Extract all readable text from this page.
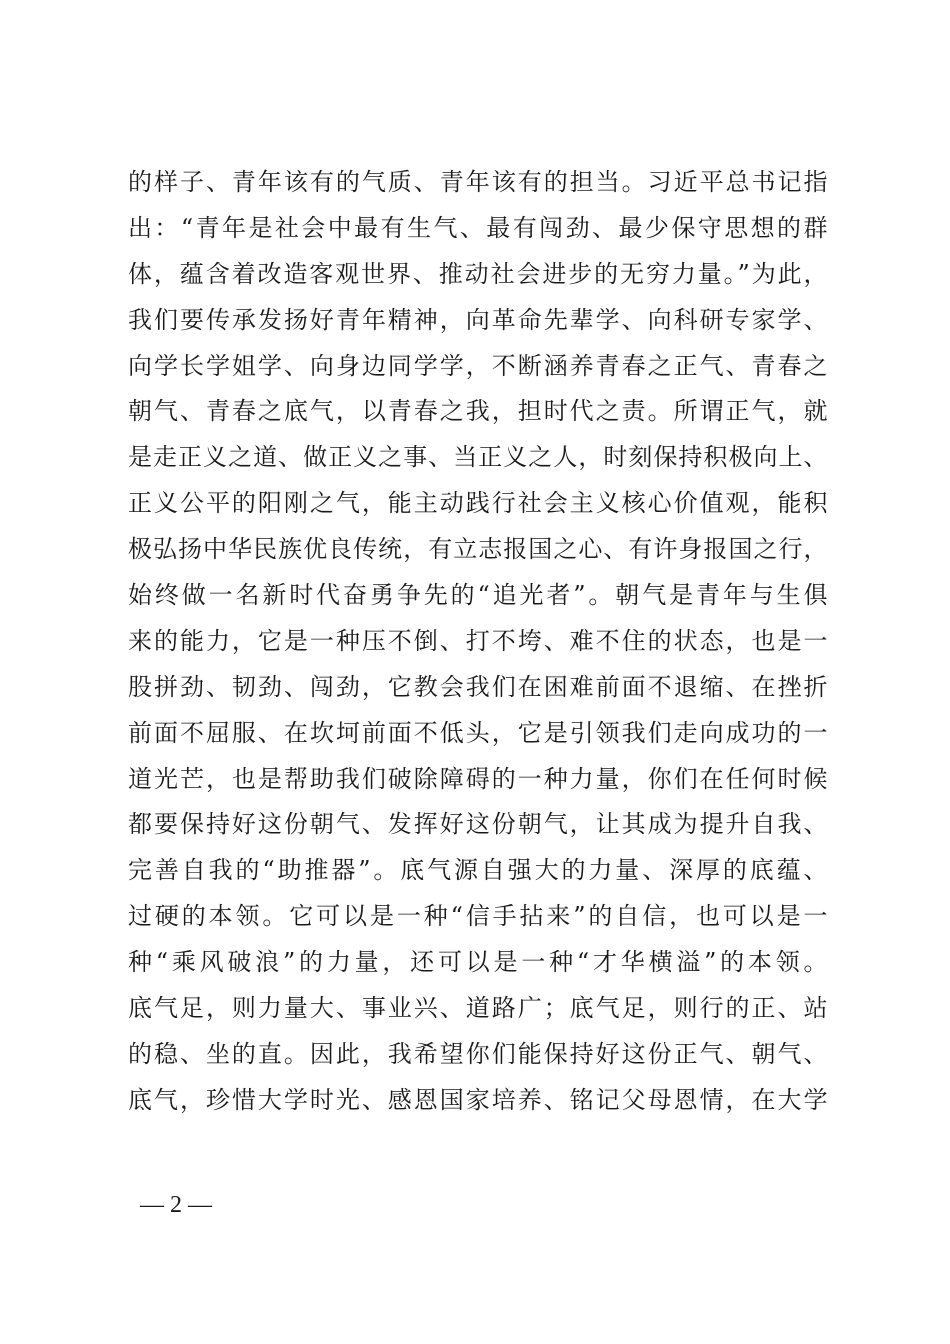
的样子、青年该有的气质、青年该有的担当。习近平总书记指
出：“青年是社会中最有生气、最有闯劲、最少保守思想的群
体，蕴含着改造客观世界、推动社会进步的无穷力量。”为此，
我们要传承发扬好青年精神，向革命先辈学、向科研专家学、
向学长学姐学、向身边同学学，不断涵养青春之正气、青春之
朝气、青春之底气，以青春之我，担时代之责。所谓正气，就
是走正义之道、做正义之事、当正义之人，时刻保持积极向上、
正义公平的阳刚之气，能主动践行社会主义核心价值观，能积
极弘扬中华民族优良传统，有立志报国之心、有许身报国之行，
始终做一名新时代奋勇争先的“追光者”。朝气是青年与生俱
来的能力，它是一种压不倒、打不垮、难不住的状态，也是一
股拼劲、韧劲、闯劲，它教会我们在困难前面不退缩、在挫折
前面不屈服、在坎坷前面不低头，它是引领我们走向成功的一
道光芒，也是帮助我们破除障碍的一种力量，你们在任何时候
都要保持好这份朝气、发挥好这份朝气，让其成为提升自我、
完善自我的“助推器”。底气源自强大的力量、深厚的底蕴、
过硬的本领。它可以是一种“信手拈来”的自信，也可以是一
种“乘风破浪”的力量，还可以是一种“才华横溢”的本领。
底气足，则力量大、事业兴、道路广；底气足，则行的正、站
的稳、坐的直。因此，我希望你们能保持好这份正气、朝气、
底气，珍惜大学时光、感恩国家培养、铭记父母恩情，在大学
— 2 —
